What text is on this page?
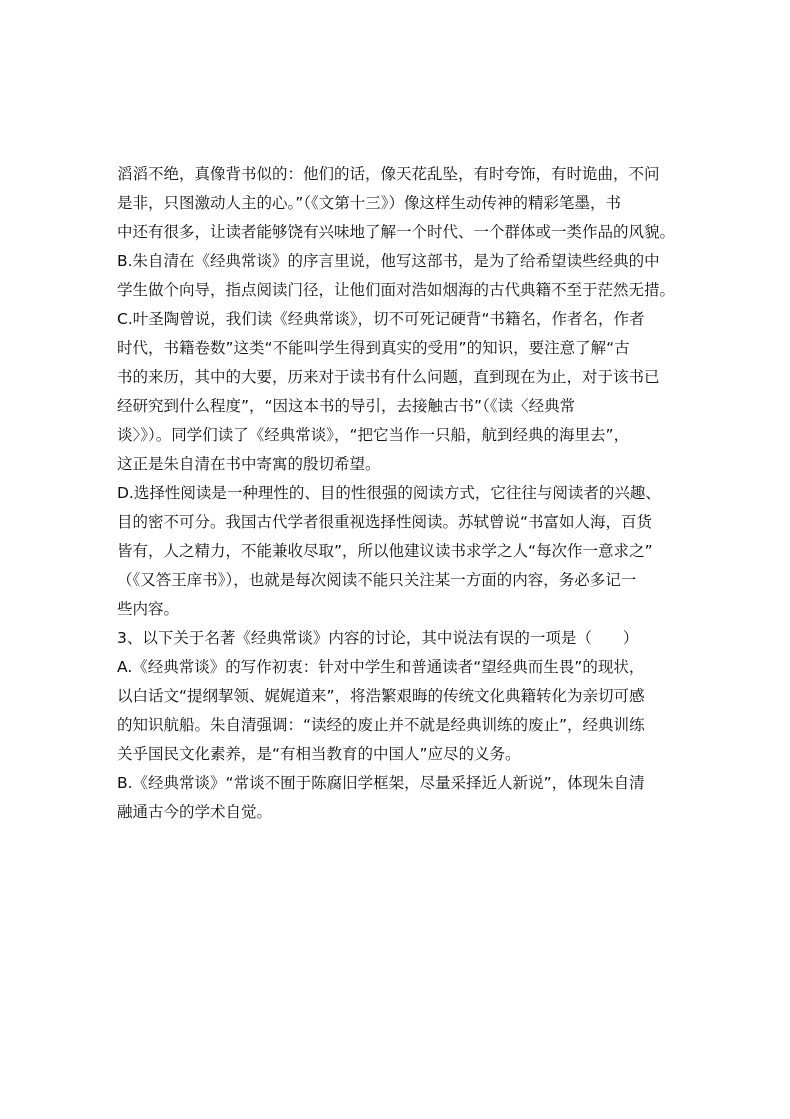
滔滔不绝，真像背书似的：他们的话，像天花乱坠，有时夸饰，有时诡曲，不问
是非，只图激动人主的心。”（《文第十三》）像这样生动传神的精彩笔墨，书
中还有很多，让读者能够饶有兴味地了解一个时代、一个群体或一类作品的风貌。
B.朱自清在《经典常谈》的序言里说，他写这部书，是为了给希望读些经典的中
学生做个向导，指点阅读门径，让他们面对浩如烟海的古代典籍不至于茫然无措。
C.叶圣陶曾说，我们读《经典常谈》，切不可死记硬背“书籍名，作者名，作者
时代，书籍卷数”这类“不能叫学生得到真实的受用”的知识，要注意了解“古
书的来历，其中的大要，历来对于读书有什么问题，直到现在为止，对于该书已
经研究到什么程度”，“因这本书的导引，去接触古书”（《读〈经典常
谈〉》）。同学们读了《经典常谈》，“把它当作一只船，航到经典的海里去”，
这正是朱自清在书中寄寓的殷切希望。
D.选择性阅读是一种理性的、目的性很强的阅读方式，它往往与阅读者的兴趣、
目的密不可分。我国古代学者很重视选择性阅读。苏轼曾说“书富如人海，百货
皆有，人之精力，不能兼收尽取”，所以他建议读书求学之人“每次作一意求之”
（《又答王庠书》），也就是每次阅读不能只关注某一方面的内容，务必多记一
些内容。
3、以下关于名著《经典常谈》内容的讨论，其中说法有误的一项是（　　）
A.《经典常谈》的写作初衷：针对中学生和普通读者“望经典而生畏”的现状，
以白话文“提纲挈领、娓娓道来”，将浩繁艰晦的传统文化典籍转化为亲切可感
的知识航船。朱自清强调：“读经的废止并不就是经典训练的废止”，经典训练
关乎国民文化素养，是“有相当教育的中国人”应尽的义务。
B.《经典常谈》“常谈不囿于陈腐旧学框架，尽量采择近人新说”，体现朱自清
融通古今的学术自觉。
